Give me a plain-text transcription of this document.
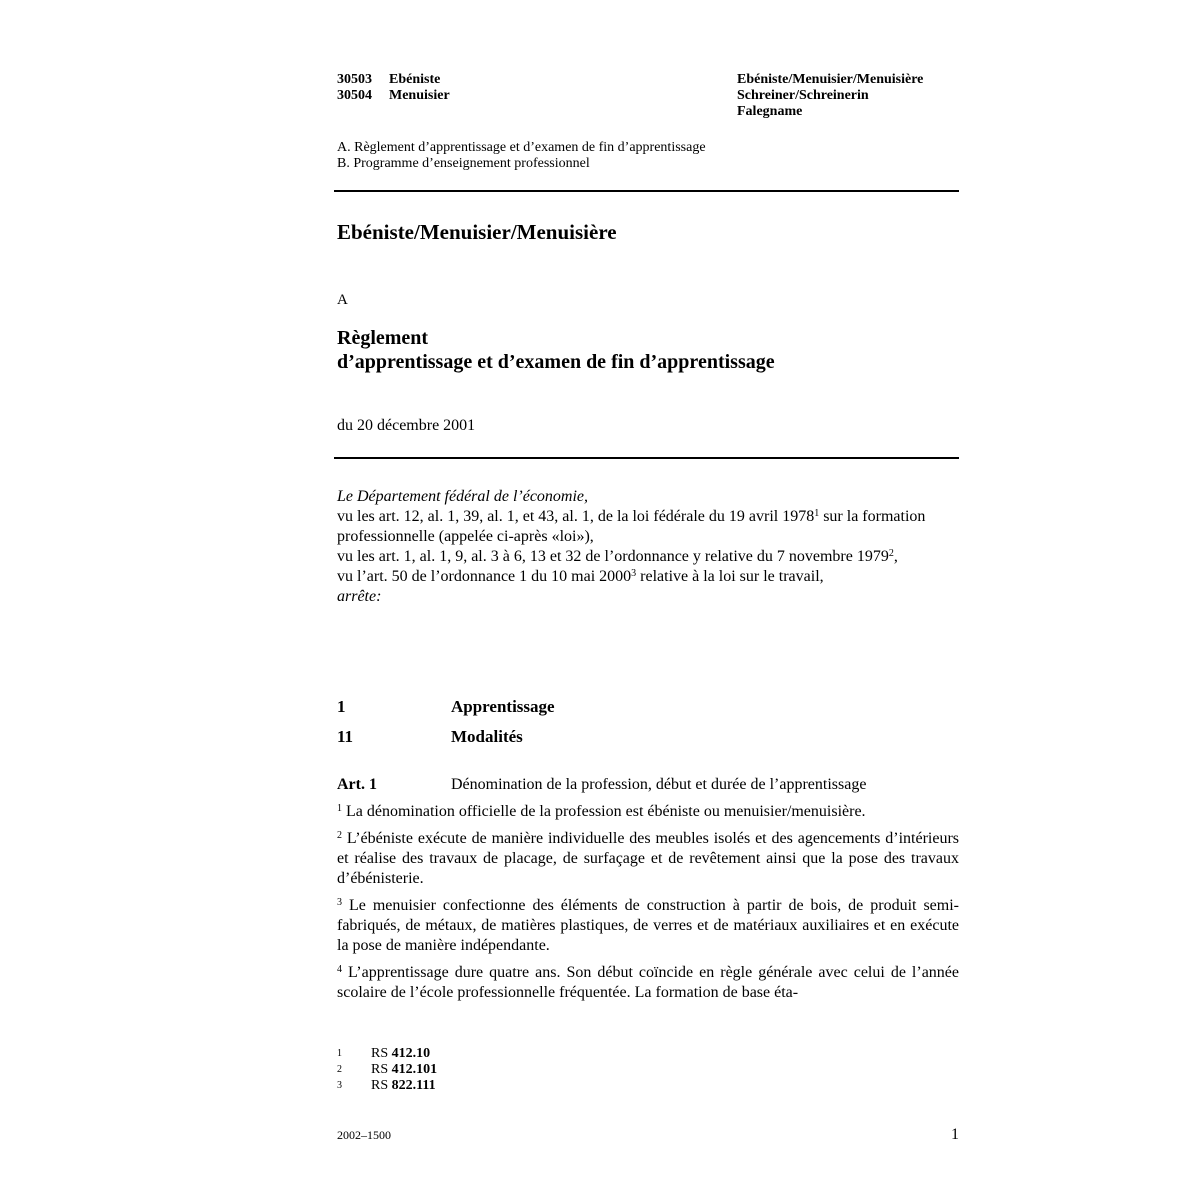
30503 Ebéniste
30504 Menuisier
Ebéniste/Menuisier/Menuisière
Schreiner/Schreinerin
Falegname
A. Règlement d’apprentissage et d’examen de fin d’apprentissage
B. Programme d’enseignement professionnel
Ebéniste/Menuisier/Menuisière
A
Règlement
d’apprentissage et d’examen de fin d’apprentissage
du 20 décembre 2001
Le Département fédéral de l’économie,
vu les art. 12, al. 1, 39, al. 1, et 43, al. 1, de la loi fédérale du 19 avril 1978$^1$ sur la formation professionnelle (appelée ci-après «loi»),
vu les art. 1, al. 1, 9, al. 3 à 6, 13 et 32 de l’ordonnance y relative du 7 novembre 1979$^2$,
vu l’art. 50 de l’ordonnance 1 du 10 mai 2000$^3$ relative à la loi sur le travail,
arrête:
1	Apprentissage
11	Modalités
Art. 1	Dénomination de la profession, début et durée de l’apprentissage

$^1$ La dénomination officielle de la profession est ébéniste ou menuisier/menuisière.

$^2$ L’ébéniste exécute de manière individuelle des meubles isolés et des agencements d’intérieurs et réalise des travaux de placage, de surfaçage et de revêtement ainsi que la pose des travaux d’ébénisterie.

$^3$ Le menuisier confectionne des éléments de construction à partir de bois, de produit semi-fabriqués, de métaux, de matières plastiques, de verres et de matériaux auxiliaires et en exécute la pose de manière indépendante.

$^4$ L’apprentissage dure quatre ans. Son début coïncide en règle générale avec celui de l’année scolaire de l’école professionnelle fréquentée. La formation de base éta-

1	RS 412.10
2	RS 412.101
3	RS 822.111
2002–1500	1
